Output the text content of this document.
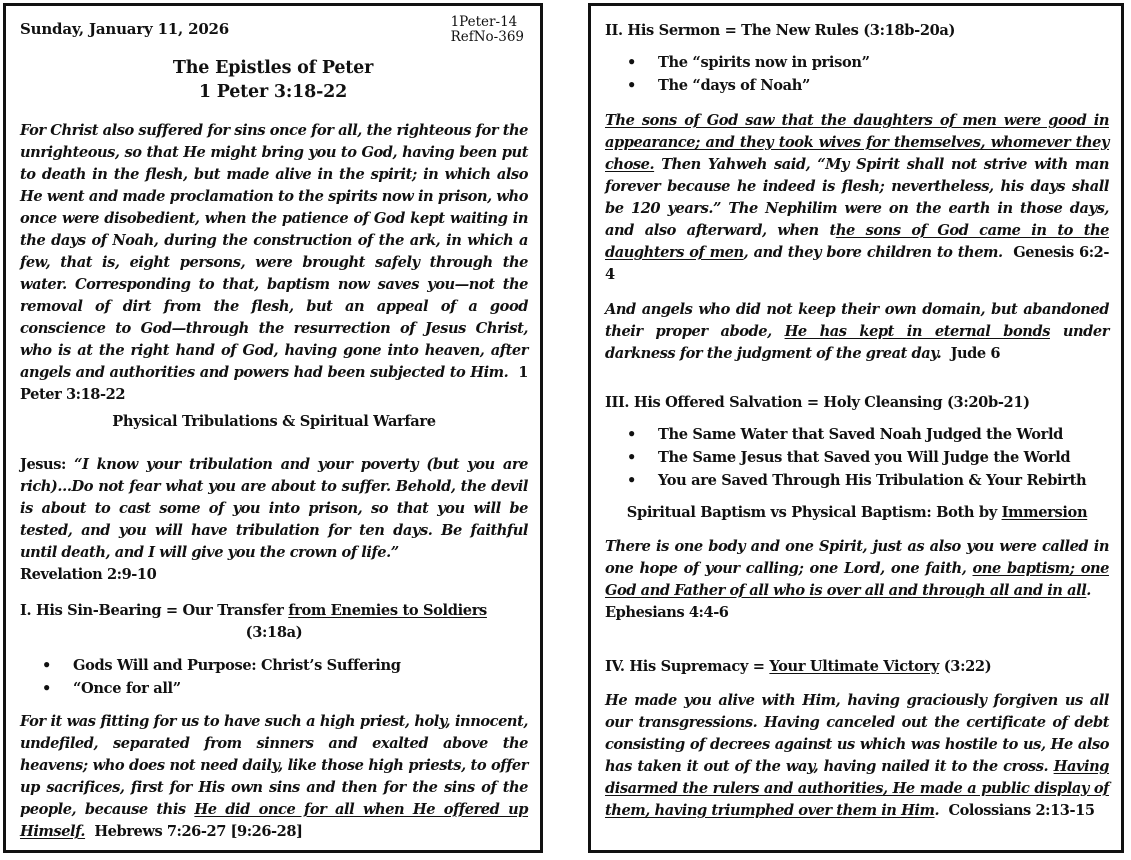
Sunday, January 11, 2026	1Peter-14
RefNo-369
The Epistles of Peter
1 Peter 3:18-22

For Christ also suffered for sins once for all, the righteous for the unrighteous, so that He might bring you to God, having been put to death in the flesh, but made alive in the spirit; in which also He went and made proclamation to the spirits now in prison, who once were disobedient, when the patience of God kept waiting in the days of Noah, during the construction of the ark, in which a few, that is, eight persons, were brought safely through the water. Corresponding to that, baptism now saves you—not the removal of dirt from the flesh, but an appeal of a good conscience to God—through the resurrection of Jesus Christ, who is at the right hand of God, having gone into heaven, after angels and authorities and powers had been subjected to Him. 1 Peter 3:18-22

Physical Tribulations & Spiritual Warfare

Jesus: “I know your tribulation and your poverty (but you are rich)…Do not fear what you are about to suffer. Behold, the devil is about to cast some of you into prison, so that you will be tested, and you will have tribulation for ten days. Be faithful until death, and I will give you the crown of life.”
Revelation 2:9-10

I. His Sin-Bearing = Our Transfer from Enemies to Soldiers

(3:18a)

• Gods Will and Purpose: Christ’s Suffering
• “Once for all”

For it was fitting for us to have such a high priest, holy, innocent, undefiled, separated from sinners and exalted above the heavens; who does not need daily, like those high priests, to offer up sacrifices, first for His own sins and then for the sins of the people, because this He did once for all when He offered up Himself. Hebrews 7:26-27 [9:26-28]

II. His Sermon = The New Rules (3:18b-20a)

• The “spirits now in prison”
• The “days of Noah”

The sons of God saw that the daughters of men were good in appearance; and they took wives for themselves, whomever they chose. Then Yahweh said, “My Spirit shall not strive with man forever because he indeed is flesh; nevertheless, his days shall be 120 years.” The Nephilim were on the earth in those days, and also afterward, when the sons of God came in to the daughters of men, and they bore children to them. Genesis 6:2-4

And angels who did not keep their own domain, but abandoned their proper abode, He has kept in eternal bonds under darkness for the judgment of the great day. Jude 6

III. His Offered Salvation = Holy Cleansing (3:20b-21)

• The Same Water that Saved Noah Judged the World
• The Same Jesus that Saved you Will Judge the World
• You are Saved Through His Tribulation & Your Rebirth

Spiritual Baptism vs Physical Baptism: Both by Immersion

There is one body and one Spirit, just as also you were called in one hope of your calling; one Lord, one faith, one baptism; one God and Father of all who is over all and through all and in all.
Ephesians 4:4-6

IV. His Supremacy = Your Ultimate Victory (3:22)

He made you alive with Him, having graciously forgiven us all our transgressions. Having canceled out the certificate of debt consisting of decrees against us which was hostile to us, He also has taken it out of the way, having nailed it to the cross. Having disarmed the rulers and authorities, He made a public display of them, having triumphed over them in Him. Colossians 2:13-15
